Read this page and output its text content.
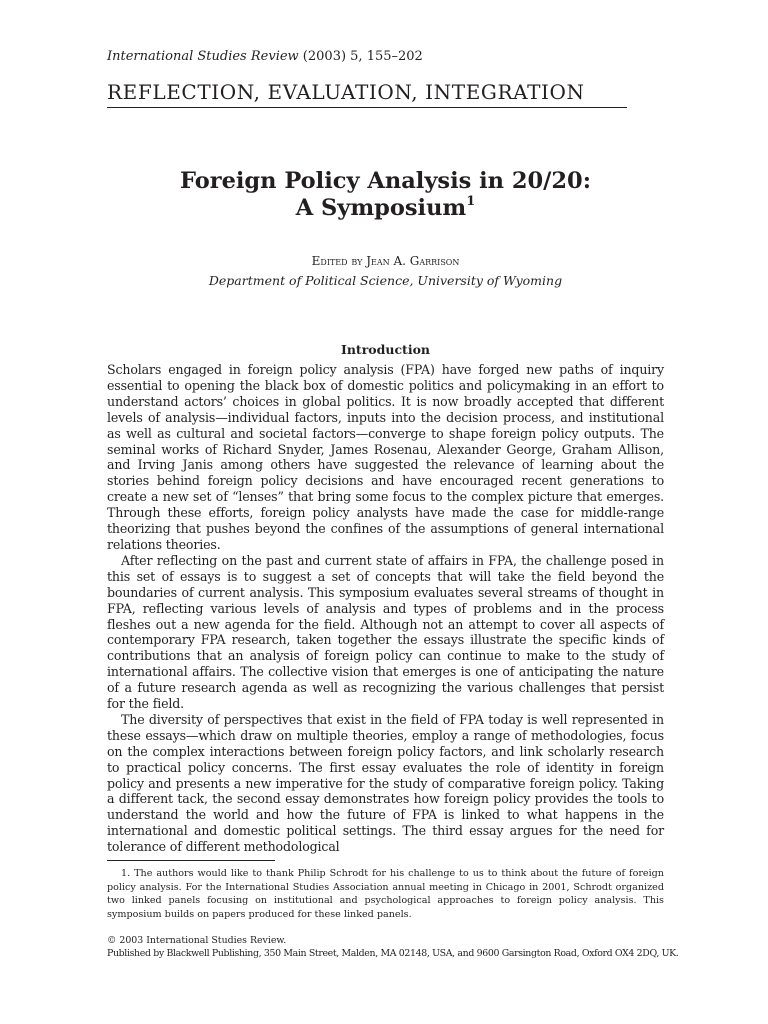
International Studies Review (2003) 5, 155–202
REFLECTION, EVALUATION, INTEGRATION
Foreign Policy Analysis in 20/20:
A Symposium$^1$
Edited by Jean A. Garrison
Department of Political Science, University of Wyoming
Introduction

Scholars engaged in foreign policy analysis (FPA) have forged new paths of inquiry essential to opening the black box of domestic politics and policymaking in an effort to understand actors’ choices in global politics. It is now broadly accepted that different levels of analysis—individual factors, inputs into the decision process, and institutional as well as cultural and societal factors—converge to shape foreign policy outputs. The seminal works of Richard Snyder, James Rosenau, Alexander George, Graham Allison, and Irving Janis among others have suggested the relevance of learning about the stories behind foreign policy decisions and have encouraged recent generations to create a new set of “lenses” that bring some focus to the complex picture that emerges. Through these efforts, foreign policy analysts have made the case for middle-range theorizing that pushes beyond the confines of the assumptions of general international relations theories.

After reflecting on the past and current state of affairs in FPA, the challenge posed in this set of essays is to suggest a set of concepts that will take the field beyond the boundaries of current analysis. This symposium evaluates several streams of thought in FPA, reflecting various levels of analysis and types of problems and in the process fleshes out a new agenda for the field. Although not an attempt to cover all aspects of contemporary FPA research, taken together the essays illustrate the specific kinds of contributions that an analysis of foreign policy can continue to make to the study of international affairs. The collective vision that emerges is one of anticipating the nature of a future research agenda as well as recognizing the various challenges that persist for the field.

The diversity of perspectives that exist in the field of FPA today is well represented in these essays—which draw on multiple theories, employ a range of methodologies, focus on the complex interactions between foreign policy factors, and link scholarly research to practical policy concerns. The first essay evaluates the role of identity in foreign policy and presents a new imperative for the study of comparative foreign policy. Taking a different tack, the second essay demonstrates how foreign policy provides the tools to understand the world and how the future of FPA is linked to what happens in the international and domestic political settings. The third essay argues for the need for tolerance of different methodological

1. The authors would like to thank Philip Schrodt for his challenge to us to think about the future of foreign policy analysis. For the International Studies Association annual meeting in Chicago in 2001, Schrodt organized two linked panels focusing on institutional and psychological approaches to foreign policy analysis. This symposium builds on papers produced for these linked panels.
© 2003 International Studies Review.
Published by Blackwell Publishing, 350 Main Street, Malden, MA 02148, USA, and 9600 Garsington Road, Oxford OX4 2DQ, UK.
